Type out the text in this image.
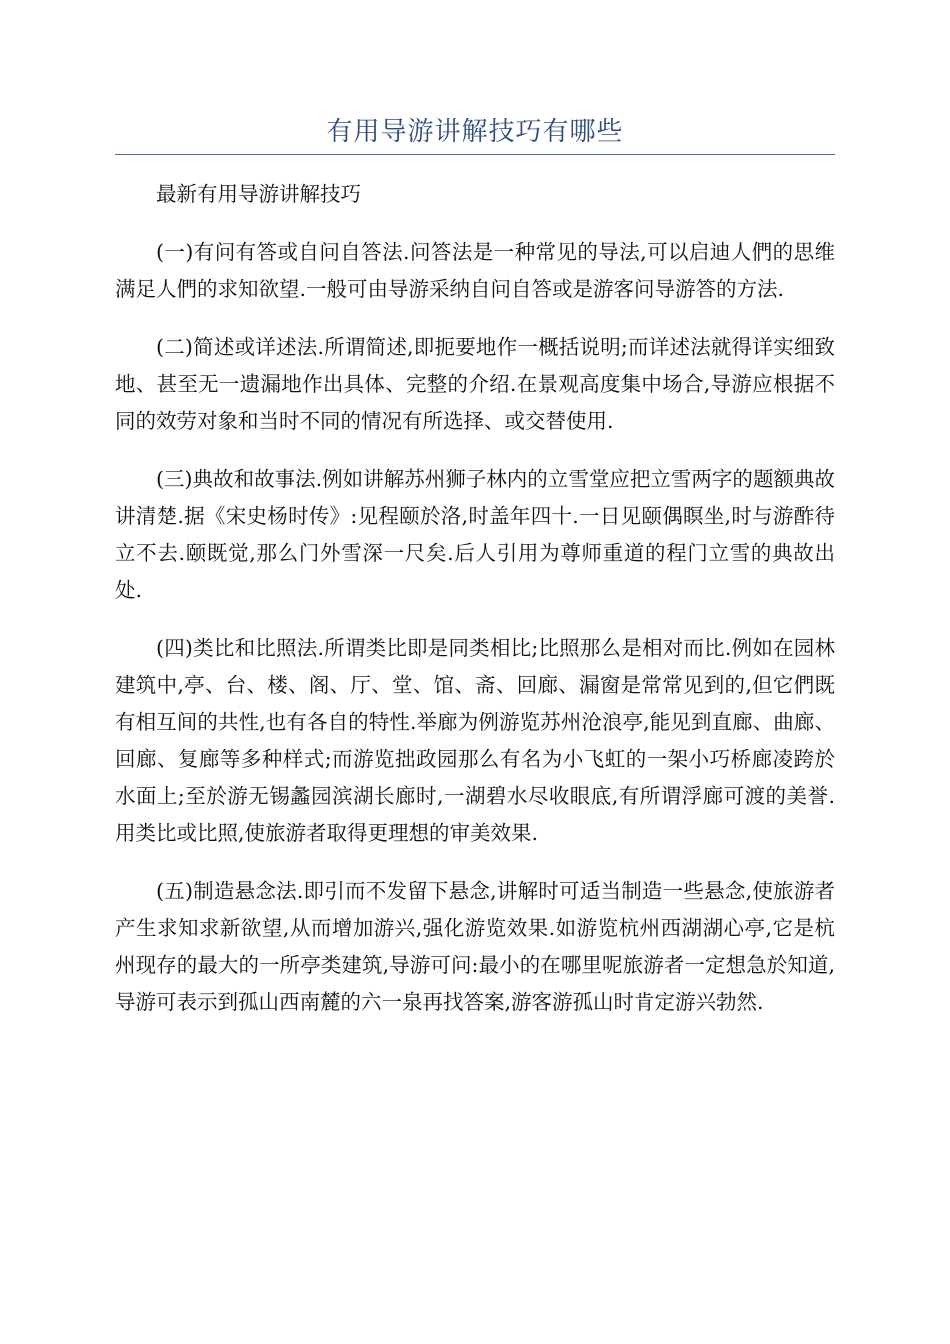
有用导游讲解技巧有哪些

最新有用导游讲解技巧

(一)有问有答或自问自答法.问答法是一种常见的导法,可以启迪人們的思维满足人們的求知欲望.一般可由导游采纳自问自答或是游客问导游答的方法.

(二)简述或详述法.所谓简述,即扼要地作一概括说明;而详述法就得详实细致地、甚至无一遗漏地作出具体、完整的介绍.在景观高度集中场合,导游应根据不同的效劳对象和当时不同的情况有所选择、或交替使用.

(三)典故和故事法.例如讲解苏州狮子林内的立雪堂应把立雪两字的题额典故讲清楚.据《宋史杨时传》:见程颐於洛,时盖年四十.一日见颐偶瞑坐,时与游酢待立不去.颐既觉,那么门外雪深一尺矣.后人引用为尊师重道的程门立雪的典故出处.

(四)类比和比照法.所谓类比即是同类相比;比照那么是相对而比.例如在园林建筑中,亭、台、楼、阁、厅、堂、馆、斋、回廊、漏窗是常常见到的,但它們既有相互间的共性,也有各自的特性.举廊为例游览苏州沧浪亭,能见到直廊、曲廊、回廊、复廊等多种样式;而游览拙政园那么有名为小飞虹的一架小巧桥廊凌跨於水面上;至於游无锡蠡园滨湖长廊时,一湖碧水尽收眼底,有所谓浮廊可渡的美誉.用类比或比照,使旅游者取得更理想的审美效果.

(五)制造悬念法.即引而不发留下悬念,讲解时可适当制造一些悬念,使旅游者产生求知求新欲望,从而增加游兴,强化游览效果.如游览杭州西湖湖心亭,它是杭州现存的最大的一所亭类建筑,导游可问:最小的在哪里呢旅游者一定想急於知道,导游可表示到孤山西南麓的六一泉再找答案,游客游孤山时肯定游兴勃然.
